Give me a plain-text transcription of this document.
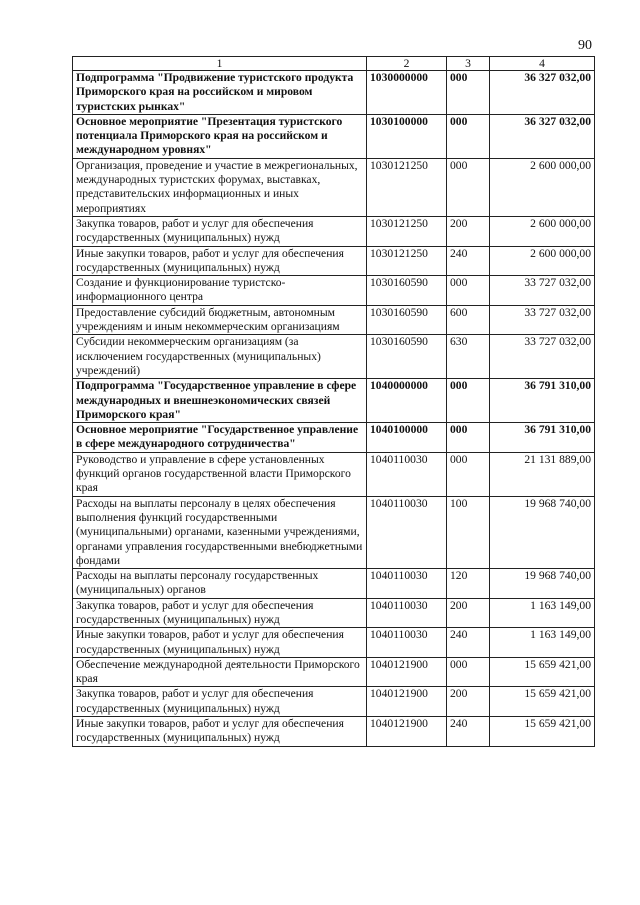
90
1	2	3	4
Подпрограмма "Продвижение туристского продукта Приморского края на российском и мировом туристских рынках"	1030000000	000	36 327 032,00
Основное мероприятие "Презентация туристского потенциала Приморского края на российском и международном уровнях"	1030100000	000	36 327 032,00
Организация, проведение и участие в межрегиональных, международных туристских форумах, выставках, представительских информационных и иных мероприятиях	1030121250	000	2 600 000,00
Закупка товаров, работ и услуг для обеспечения государственных (муниципальных) нужд	1030121250	200	2 600 000,00
Иные закупки товаров, работ и услуг для обеспечения государственных (муниципальных) нужд	1030121250	240	2 600 000,00
Создание и функционирование туристско-информационного центра	1030160590	000	33 727 032,00
Предоставление субсидий бюджетным, автономным учреждениям и иным некоммерческим организациям	1030160590	600	33 727 032,00
Субсидии некоммерческим организациям (за исключением государственных (муниципальных) учреждений)	1030160590	630	33 727 032,00
Подпрограмма "Государственное управление в сфере международных и внешнеэкономических связей Приморского края"	1040000000	000	36 791 310,00
Основное мероприятие "Государственное управление в сфере международного сотрудничества"	1040100000	000	36 791 310,00
Руководство и управление в сфере установленных функций органов государственной власти Приморского края	1040110030	000	21 131 889,00
Расходы на выплаты персоналу в целях обеспечения выполнения функций государственными (муниципальными) органами, казенными учреждениями, органами управления государственными внебюджетными фондами	1040110030	100	19 968 740,00
Расходы на выплаты персоналу государственных (муниципальных) органов	1040110030	120	19 968 740,00
Закупка товаров, работ и услуг для обеспечения государственных (муниципальных) нужд	1040110030	200	1 163 149,00
Иные закупки товаров, работ и услуг для обеспечения государственных (муниципальных) нужд	1040110030	240	1 163 149,00
Обеспечение международной деятельности Приморского края	1040121900	000	15 659 421,00
Закупка товаров, работ и услуг для обеспечения государственных (муниципальных) нужд	1040121900	200	15 659 421,00
Иные закупки товаров, работ и услуг для обеспечения государственных (муниципальных) нужд	1040121900	240	15 659 421,00
